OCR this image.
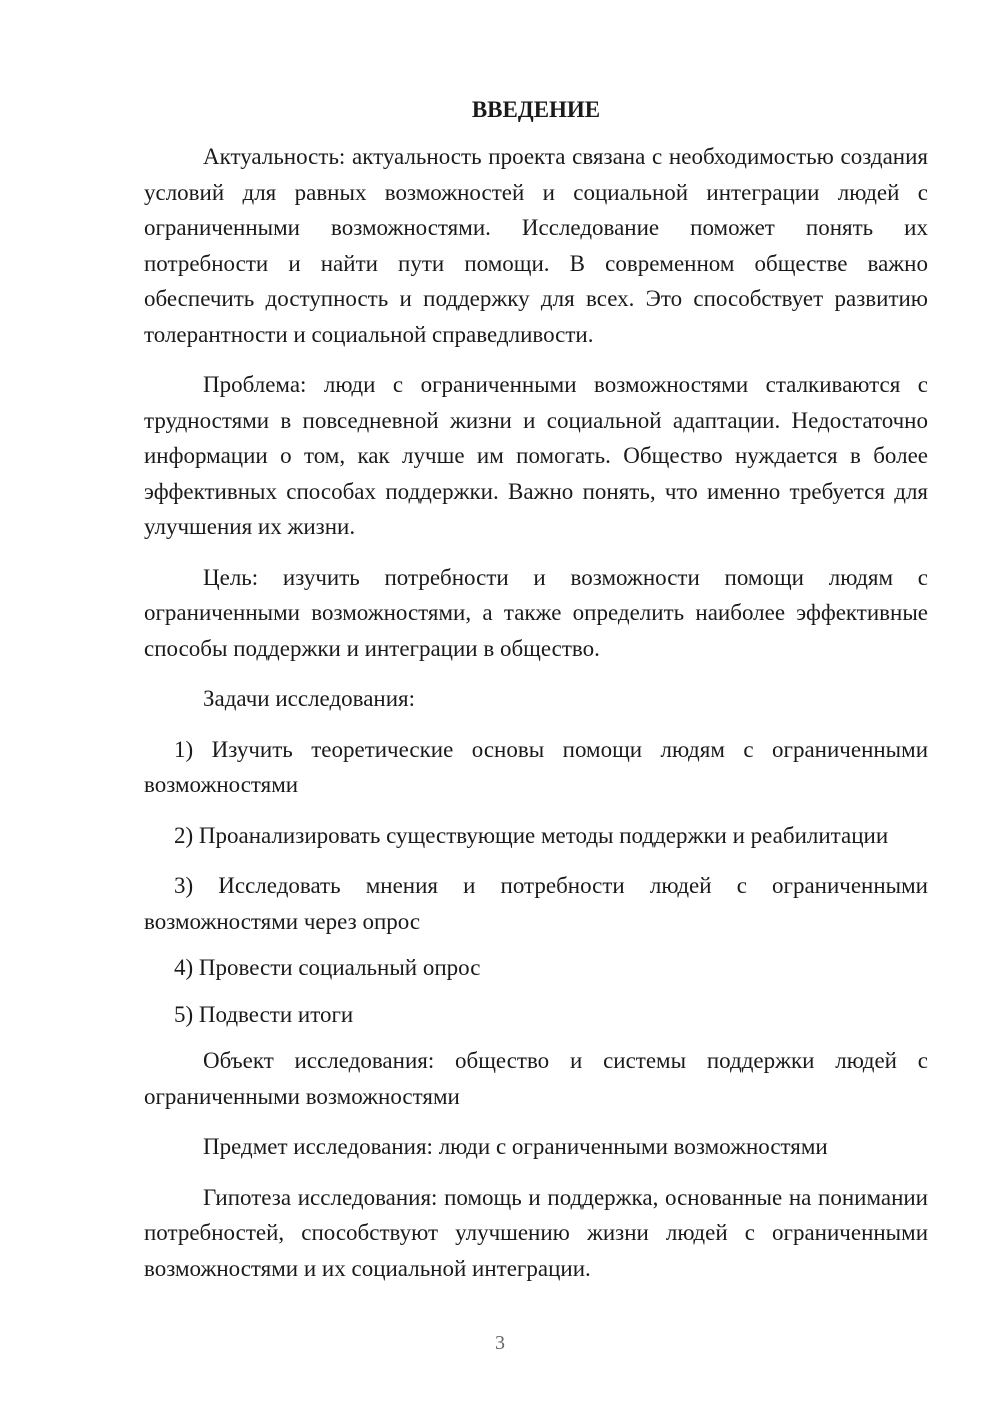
ВВЕДЕНИЕ

Актуальность: актуальность проекта связана с необходимостью создания условий для равных возможностей и социальной интеграции людей с ограниченными возможностями. Исследование поможет понять их потребности и найти пути помощи. В современном обществе важно обеспечить доступность и поддержку для всех. Это способствует развитию толерантности и социальной справедливости.

Проблема: люди с ограниченными возможностями сталкиваются с трудностями в повседневной жизни и социальной адаптации. Недостаточно информации о том, как лучше им помогать. Общество нуждается в более эффективных способах поддержки. Важно понять, что именно требуется для улучшения их жизни.

Цель: изучить потребности и возможности помощи людям с ограниченными возможностями, а также определить наиболее эффективные способы поддержки и интеграции в общество.

Задачи исследования:

1) Изучить теоретические основы помощи людям с ограниченными возможностями

2) Проанализировать существующие методы поддержки и реабилитации

3) Исследовать мнения и потребности людей с ограниченными возможностями через опрос

4) Провести социальный опрос

5) Подвести итоги

Объект исследования: общество и системы поддержки людей с ограниченными возможностями

Предмет исследования: люди с ограниченными возможностями

Гипотеза исследования: помощь и поддержка, основанные на понимании потребностей, способствуют улучшению жизни людей с ограниченными возможностями и их социальной интеграции.

3
